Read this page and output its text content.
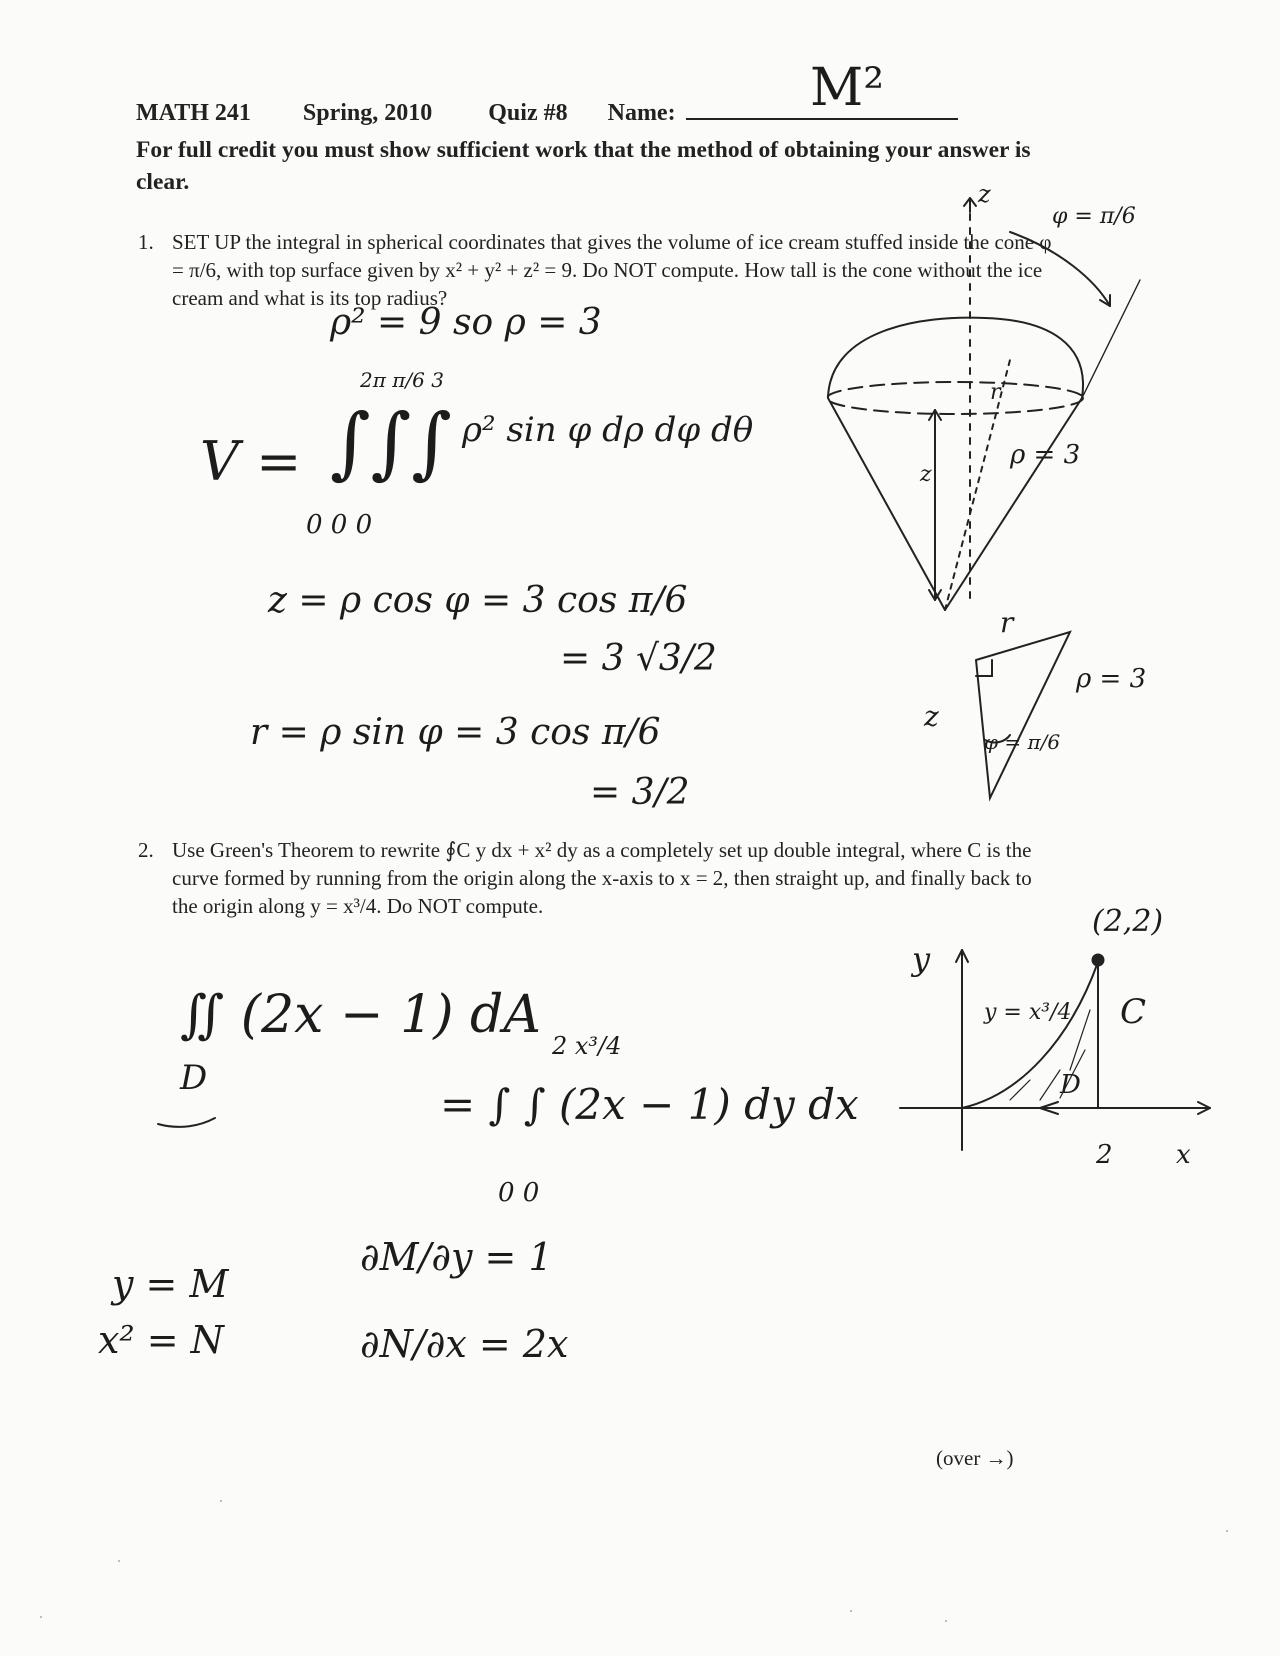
MATH 241 Spring, 2010 Quiz #8 Name:	M²
For full credit you must show sufficient work that the method of obtaining your answer is clear.
1. SET UP the integral in spherical coordinates that gives the volume of ice cream stuffed inside the cone φ = π/6, with top surface given by x² + y² + z² = 9. Do NOT compute. How tall is the cone without the ice cream and what is its top radius?
ρ² = 9 so ρ = 3
2π π/6 3
V = ∫∫∫ ρ² sin φ dρ dφ dθ
0 0 0
z = ρ cos φ = 3 cos π/6
= 3 √3/2
r = ρ sin φ = 3 cos π/6
= 3/2
2. Use Green's Theorem to rewrite ∮C y dx + x² dy as a completely set up double integral, where C is the curve formed by running from the origin along the x-axis to x = 2, then straight up, and finally back to the origin along y = x³/4. Do NOT compute.
∬ (2x − 1) dA
D
2 x³/4
= ∫ ∫ (2x − 1) dy dx
0 0
y = M
x² = N
∂M/∂y = 1
∂N/∂x = 2x
z
φ = π/6
r
z
ρ = 3
r
z
ρ = 3
φ = π/6
(2,2)
y
y = x³/4 C
D
2 x
(over →)
